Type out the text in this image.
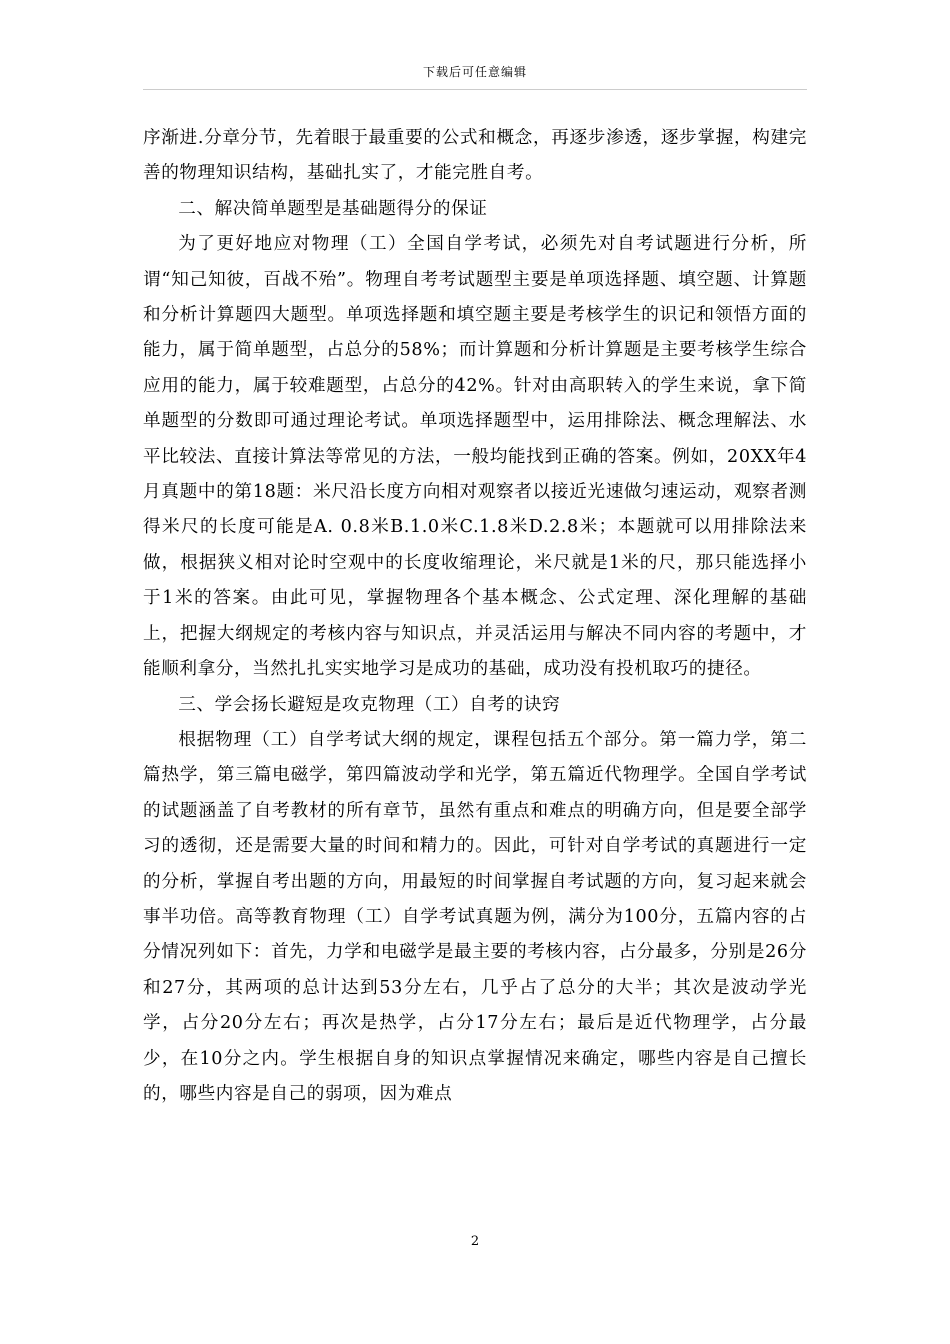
下载后可任意编辑

序渐进.分章分节，先着眼于最重要的公式和概念，再逐步渗透，逐步掌握，构建完善的物理知识结构，基础扎实了，才能完胜自考。

二、解决简单题型是基础题得分的保证

为了更好地应对物理（工）全国自学考试，必须先对自考试题进行分析，所谓“知己知彼，百战不殆”。物理自考考试题型主要是单项选择题、填空题、计算题和分析计算题四大题型。单项选择题和填空题主要是考核学生的识记和领悟方面的能力，属于简单题型，占总分的58%；而计算题和分析计算题是主要考核学生综合应用的能力，属于较难题型，占总分的42%。针对由高职转入的学生来说，拿下简单题型的分数即可通过理论考试。单项选择题型中，运用排除法、概念理解法、水平比较法、直接计算法等常见的方法，一般均能找到正确的答案。例如，20XX年4月真题中的第18题：米尺沿长度方向相对观察者以接近光速做匀速运动，观察者测得米尺的长度可能是A. 0.8米B.1.0米C.1.8米D.2.8米；本题就可以用排除法来做，根据狭义相对论时空观中的长度收缩理论，米尺就是1米的尺，那只能选择小于1米的答案。由此可见，掌握物理各个基本概念、公式定理、深化理解的基础上，把握大纲规定的考核内容与知识点，并灵活运用与解决不同内容的考题中，才能顺利拿分，当然扎扎实实地学习是成功的基础，成功没有投机取巧的捷径。

三、学会扬长避短是攻克物理（工）自考的诀窍

根据物理（工）自学考试大纲的规定，课程包括五个部分。第一篇力学，第二篇热学，第三篇电磁学，第四篇波动学和光学，第五篇近代物理学。全国自学考试的试题涵盖了自考教材的所有章节，虽然有重点和难点的明确方向，但是要全部学习的透彻，还是需要大量的时间和精力的。因此，可针对自学考试的真题进行一定的分析，掌握自考出题的方向，用最短的时间掌握自考试题的方向，复习起来就会事半功倍。高等教育物理（工）自学考试真题为例，满分为100分，五篇内容的占分情况列如下：首先，力学和电磁学是最主要的考核内容，占分最多，分别是26分和27分，其两项的总计达到53分左右，几乎占了总分的大半；其次是波动学光学，占分20分左右；再次是热学，占分17分左右；最后是近代物理学，占分最少，在10分之内。学生根据自身的知识点掌握情况来确定，哪些内容是自己擅长的，哪些内容是自己的弱项，因为难点

2
